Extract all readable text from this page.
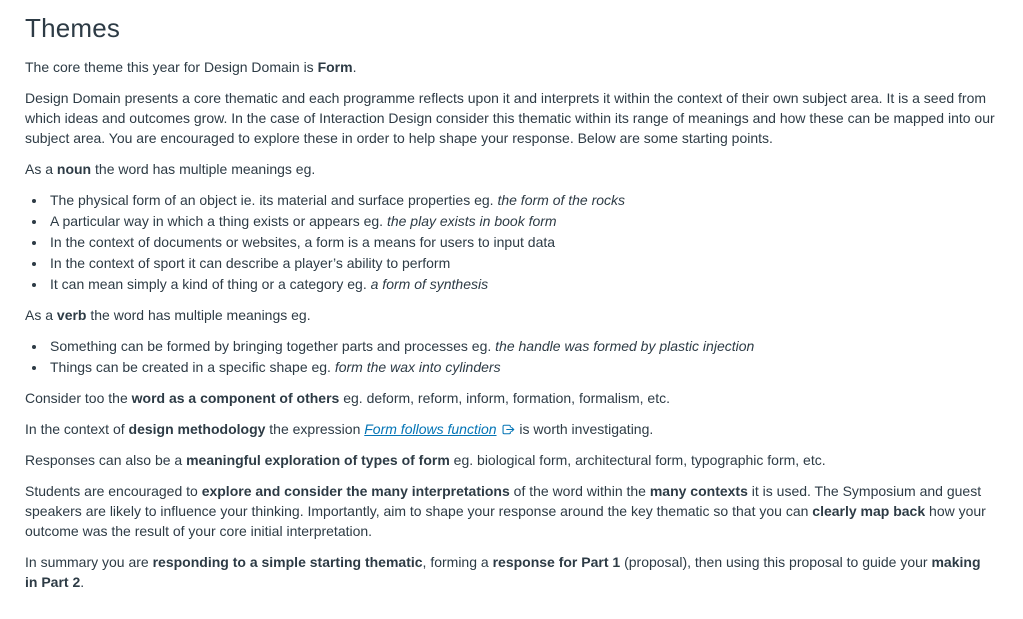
Themes

The core theme this year for Design Domain is Form.

Design Domain presents a core thematic and each programme reflects upon it and interprets it within the context of their own subject area. It is a seed from which ideas and outcomes grow. In the case of Interaction Design consider this thematic within its range of meanings and how these can be mapped into our subject area. You are encouraged to explore these in order to help shape your response. Below are some starting points.

As a noun the word has multiple meanings eg.

• The physical form of an object ie. its material and surface properties eg. the form of the rocks
• A particular way in which a thing exists or appears eg. the play exists in book form
• In the context of documents or websites, a form is a means for users to input data
• In the context of sport it can describe a player’s ability to perform
• It can mean simply a kind of thing or a category eg. a form of synthesis

As a verb the word has multiple meanings eg.

• Something can be formed by bringing together parts and processes eg. the handle was formed by plastic injection
• Things can be created in a specific shape eg. form the wax into cylinders

Consider too the word as a component of others eg. deform, reform, inform, formation, formalism, etc.

In the context of design methodology the expression Form follows function is worth investigating.

Responses can also be a meaningful exploration of types of form eg. biological form, architectural form, typographic form, etc.

Students are encouraged to explore and consider the many interpretations of the word within the many contexts it is used. The Symposium and guest speakers are likely to influence your thinking. Importantly, aim to shape your response around the key thematic so that you can clearly map back how your outcome was the result of your core initial interpretation.

In summary you are responding to a simple starting thematic, forming a response for Part 1 (proposal), then using this proposal to guide your making in Part 2.
